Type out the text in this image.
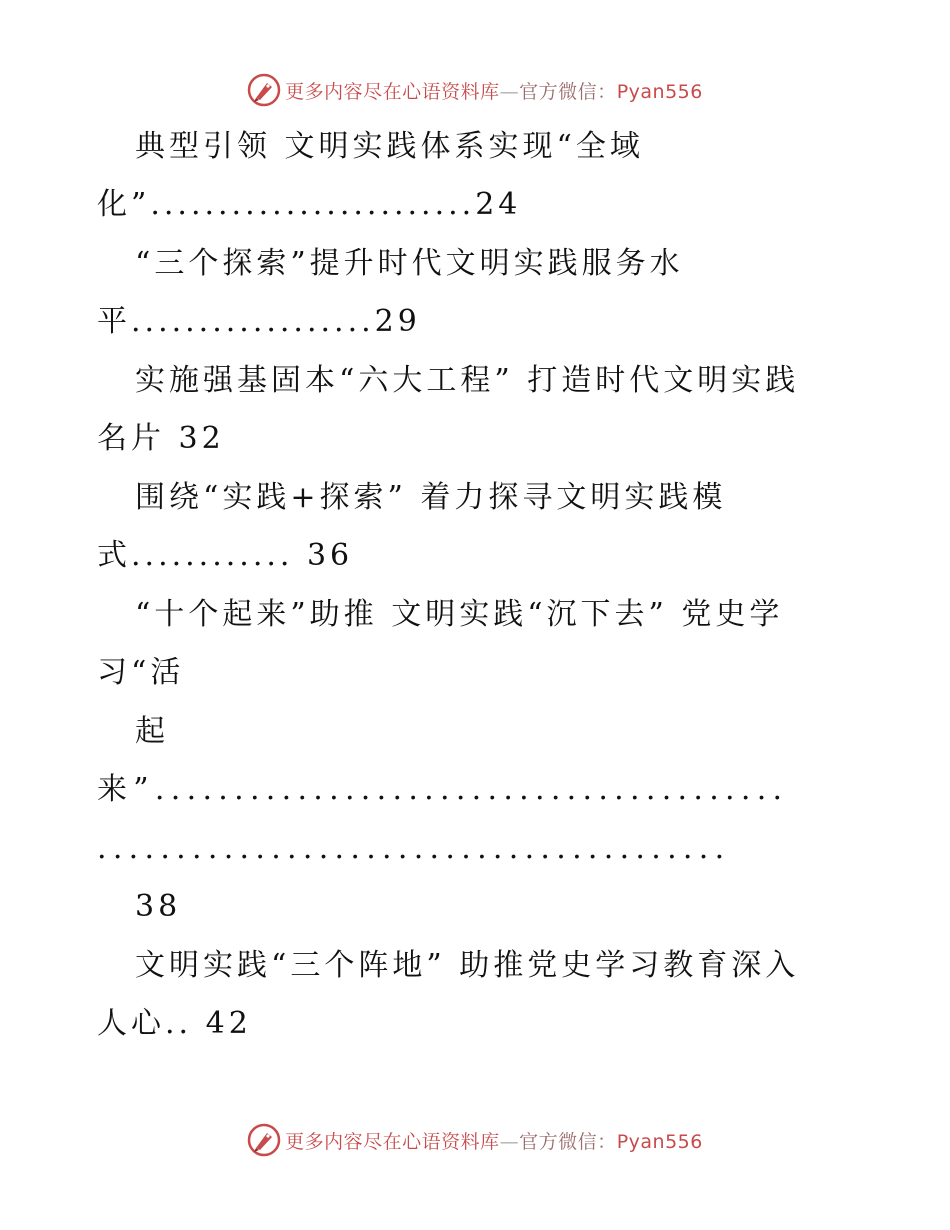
更多内容尽在心语资料库—官方微信：Pyan556
典型引领 文明实践体系实现“全域
化”........................24
“三个探索”提升时代文明实践服务水
平..................29
实施强基固本“六大工程” 打造时代文明实践
名片 32
围绕“实践+探索” 着力探寻文明实践模
式............ 36
“十个起来”助推 文明实践“沉下去” 党史学
习“活
起
来”........................................
........................................
38
文明实践“三个阵地” 助推党史学习教育深入
人心.. 42
更多内容尽在心语资料库—官方微信：Pyan556
